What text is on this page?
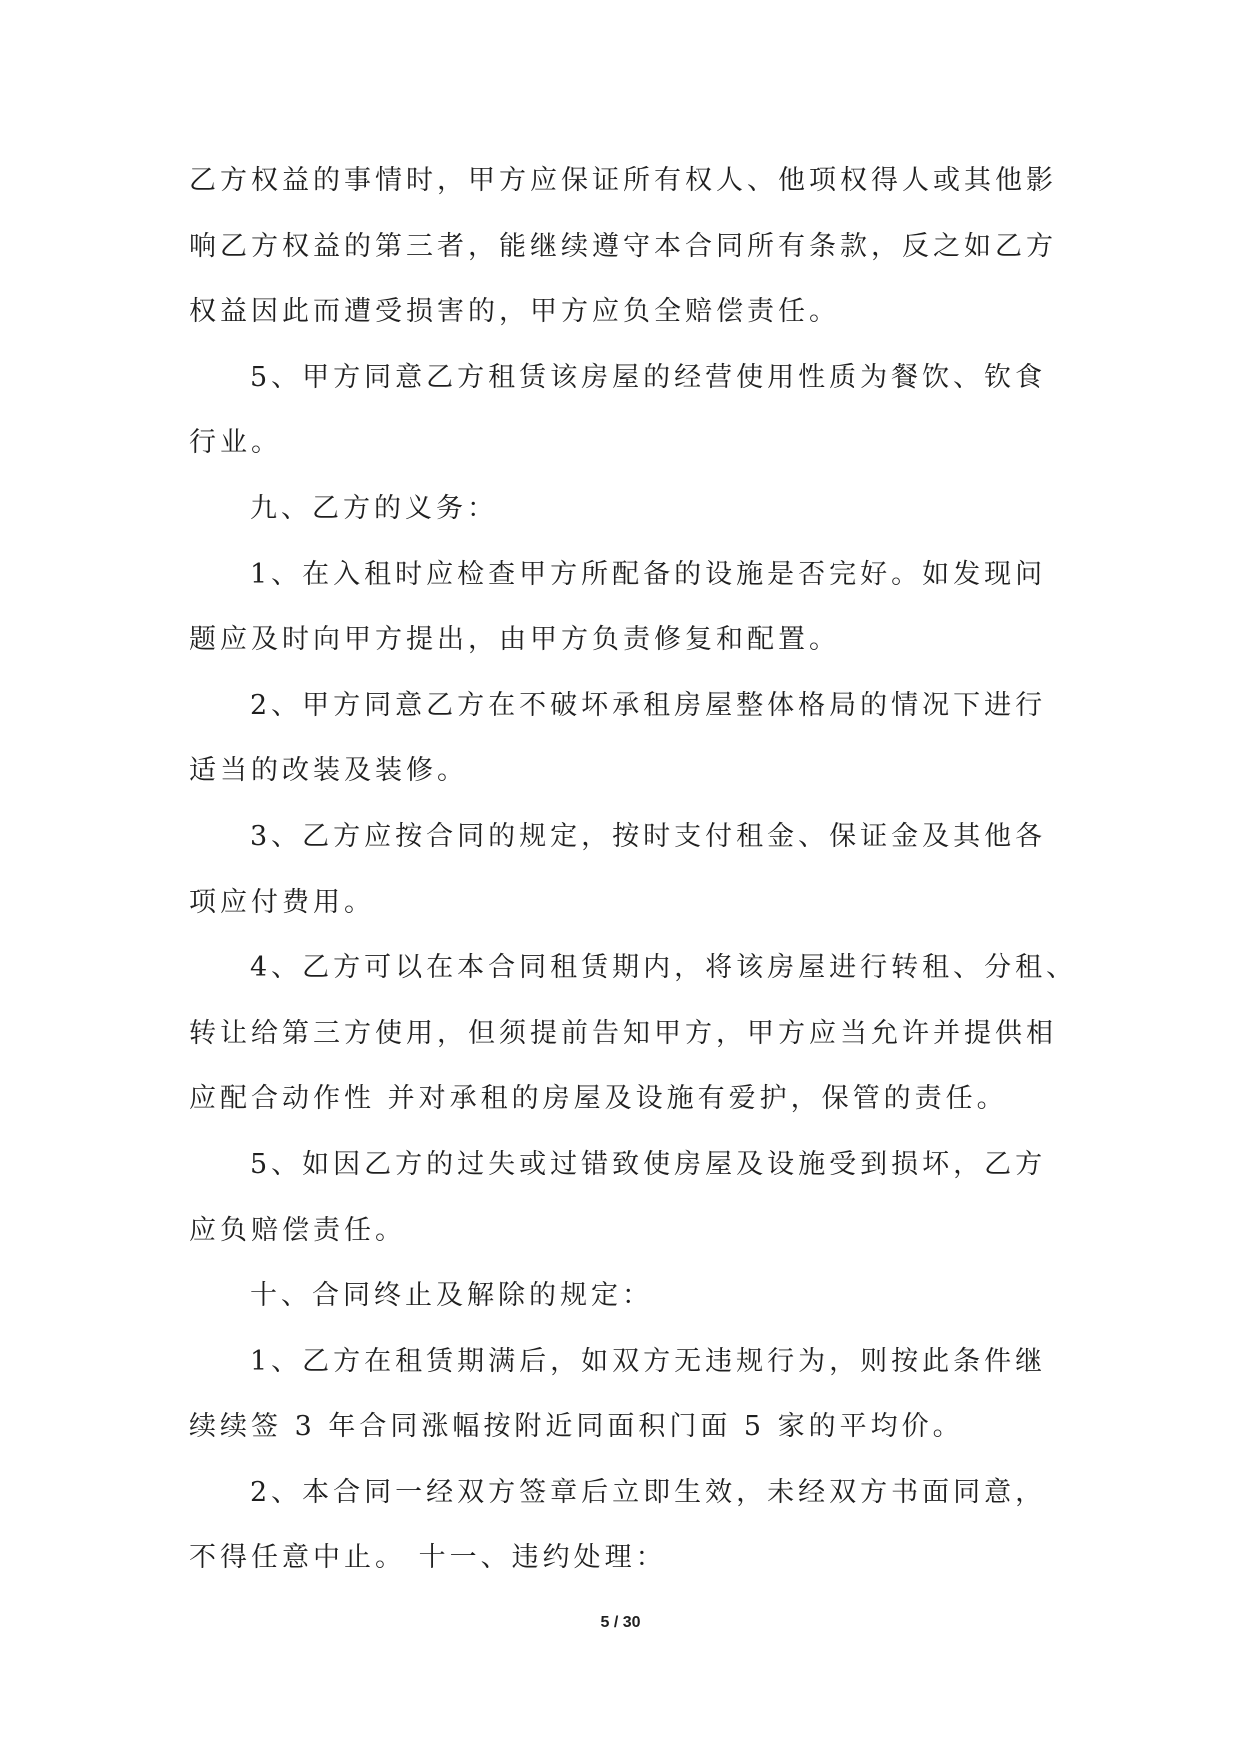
乙方权益的事情时，甲方应保证所有权人、他项权得人或其他影
响乙方权益的第三者，能继续遵守本合同所有条款，反之如乙方
权益因此而遭受损害的，甲方应负全赔偿责任。
5、甲方同意乙方租赁该房屋的经营使用性质为餐饮、钦食
行业。
九、乙方的义务：
1、在入租时应检查甲方所配备的设施是否完好。如发现问
题应及时向甲方提出，由甲方负责修复和配置。
2、甲方同意乙方在不破坏承租房屋整体格局的情况下进行
适当的改装及装修。
3、乙方应按合同的规定，按时支付租金、保证金及其他各
项应付费用。
4、乙方可以在本合同租赁期内，将该房屋进行转租、分租、
转让给第三方使用，但须提前告知甲方，甲方应当允许并提供相
应配合动作性 并对承租的房屋及设施有爱护，保管的责任。
5、如因乙方的过失或过错致使房屋及设施受到损坏，乙方
应负赔偿责任。
十、合同终止及解除的规定：
1、乙方在租赁期满后，如双方无违规行为，则按此条件继
续续签 3 年合同涨幅按附近同面积门面 5 家的平均价。
2、本合同一经双方签章后立即生效，未经双方书面同意，
不得任意中止。 十一、违约处理：
5 / 30
